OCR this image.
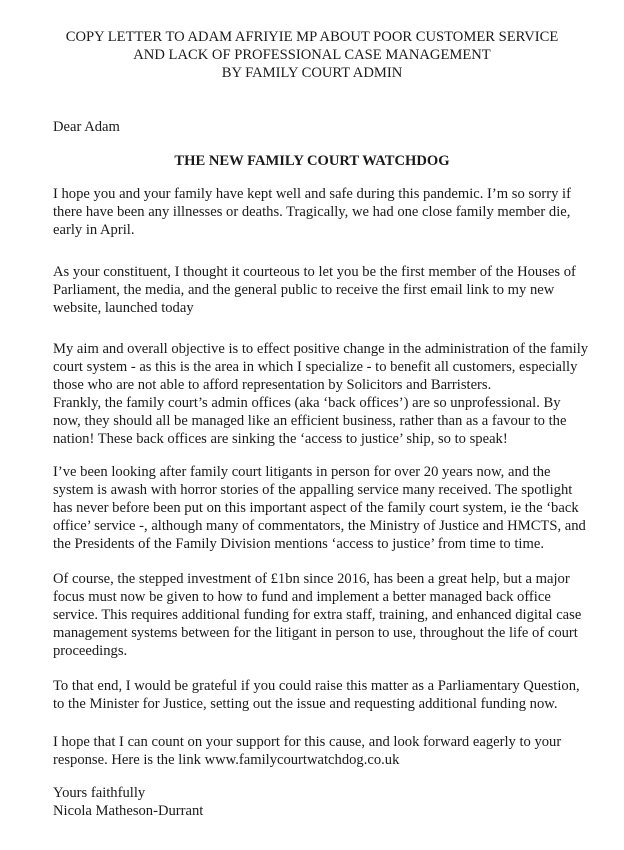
COPY LETTER TO ADAM AFRIYIE MP ABOUT POOR CUSTOMER SERVICE
AND LACK OF PROFESSIONAL CASE MANAGEMENT
BY FAMILY COURT ADMIN
Dear Adam
THE NEW FAMILY COURT WATCHDOG
I hope you and your family have kept well and safe during this pandemic. I’m so sorry if
there have been any illnesses or deaths. Tragically, we had one close family member die,
early in April.
As your constituent, I thought it courteous to let you be the first member of the Houses of
Parliament, the media, and the general public to receive the first email link to my new
website, launched today
My aim and overall objective is to effect positive change in the administration of the family
court system - as this is the area in which I specialize - to benefit all customers, especially
those who are not able to afford representation by Solicitors and Barristers.
Frankly, the family court’s admin offices (aka ‘back offices’) are so unprofessional. By
now, they should all be managed like an efficient business, rather than as a favour to the
nation! These back offices are sinking the ‘access to justice’ ship, so to speak!
I’ve been looking after family court litigants in person for over 20 years now, and the
system is awash with horror stories of the appalling service many received. The spotlight
has never before been put on this important aspect of the family court system, ie the ‘back
office’ service -, although many of commentators, the Ministry of Justice and HMCTS, and
the Presidents of the Family Division mentions ‘access to justice’ from time to time.
Of course, the stepped investment of £1bn since 2016, has been a great help, but a major
focus must now be given to how to fund and implement a better managed back office
service. This requires additional funding for extra staff, training, and enhanced digital case
management systems between for the litigant in person to use, throughout the life of court
proceedings.
To that end, I would be grateful if you could raise this matter as a Parliamentary Question,
to the Minister for Justice, setting out the issue and requesting additional funding now.
I hope that I can count on your support for this cause, and look forward eagerly to your
response. Here is the link www.familycourtwatchdog.co.uk
Yours faithfully
Nicola Matheson-Durrant
